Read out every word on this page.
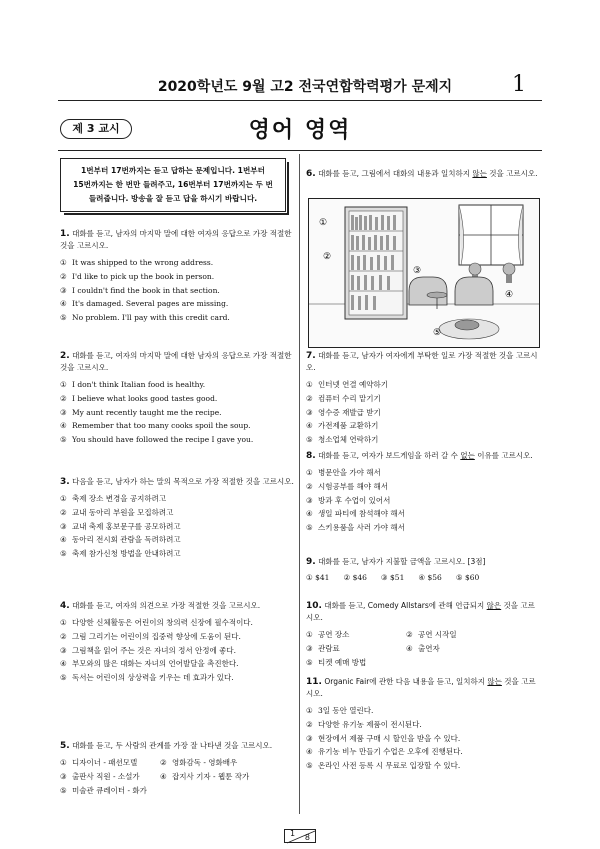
2020학년도 9월 고2 전국연합학력평가 문제지	1
제 3 교시	영어 영역
1번부터 17번까지는 듣고 답하는 문제입니다. 1번부터
15번까지는 한 번만 들려주고, 16번부터 17번까지는 두 번
들려줍니다. 방송을 잘 듣고 답을 하시기 바랍니다.
1. 대화를 듣고, 남자의 마지막 말에 대한 여자의 응답으로 가장 적절한 것을 고르시오.
① It was shipped to the wrong address.
② I'd like to pick up the book in person.
③ I couldn't find the book in that section.
④ It's damaged. Several pages are missing.
⑤ No problem. I'll pay with this credit card.
2. 대화를 듣고, 여자의 마지막 말에 대한 남자의 응답으로 가장 적절한 것을 고르시오.
① I don't think Italian food is healthy.
② I believe what looks good tastes good.
③ My aunt recently taught me the recipe.
④ Remember that too many cooks spoil the soup.
⑤ You should have followed the recipe I gave you.
3. 다음을 듣고, 남자가 하는 말의 목적으로 가장 적절한 것을 고르시오.
① 축제 장소 변경을 공지하려고
② 교내 동아리 부원을 모집하려고
③ 교내 축제 홍보문구를 공모하려고
④ 동아리 전시회 관람을 독려하려고
⑤ 축제 참가신청 방법을 안내하려고
4. 대화를 듣고, 여자의 의견으로 가장 적절한 것을 고르시오.
① 다양한 신체활동은 어린이의 창의력 신장에 필수적이다.
② 그림 그리기는 어린이의 집중력 향상에 도움이 된다.
③ 그림책을 읽어 주는 것은 자녀의 정서 안정에 좋다.
④ 부모와의 많은 대화는 자녀의 언어발달을 촉진한다.
⑤ 독서는 어린이의 상상력을 키우는 데 효과가 있다.
5. 대화를 듣고, 두 사람의 관계를 가장 잘 나타낸 것을 고르시오.
① 디자이너 - 패션모델	② 영화감독 - 영화배우
③ 출판사 직원 - 소설가	④ 잡지사 기자 - 웹툰 작가
⑤ 미술관 큐레이터 - 화가
6. 대화를 듣고, 그림에서 대화의 내용과 일치하지 않는 것을 고르시오.
①
②
③
⑤
④
7. 대화를 듣고, 남자가 여자에게 부탁한 일로 가장 적절한 것을 고르시오.
① 인터넷 연결 예약하기
② 컴퓨터 수리 맡기기
③ 영수증 재발급 받기
④ 가전제품 교환하기
⑤ 청소업체 연락하기
8. 대화를 듣고, 여자가 보드게임을 하러 갈 수 없는 이유를 고르시오.
① 병문안을 가야 해서
② 시험공부를 해야 해서
③ 방과 후 수업이 있어서
④ 생일 파티에 참석해야 해서
⑤ 스키용품을 사러 가야 해서
9. 대화를 듣고, 남자가 지불할 금액을 고르시오. [3점]
① $41 ② $46 ③ $51 ④ $56 ⑤ $60
10. 대화를 듣고, Comedy Allstars에 관해 언급되지 않은 것을 고르시오.
① 공연 장소	② 공연 시작일
③ 관람료	④ 출연자
⑤ 티켓 예매 방법
11. Organic Fair에 관한 다음 내용을 듣고, 일치하지 않는 것을 고르시오.
① 3일 동안 열린다.
② 다양한 유기농 제품이 전시된다.
③ 현장에서 제품 구매 시 할인을 받을 수 있다.
④ 유기농 비누 만들기 수업은 오후에 진행된다.
⑤ 온라인 사전 등록 시 무료로 입장할 수 있다.
1 8
